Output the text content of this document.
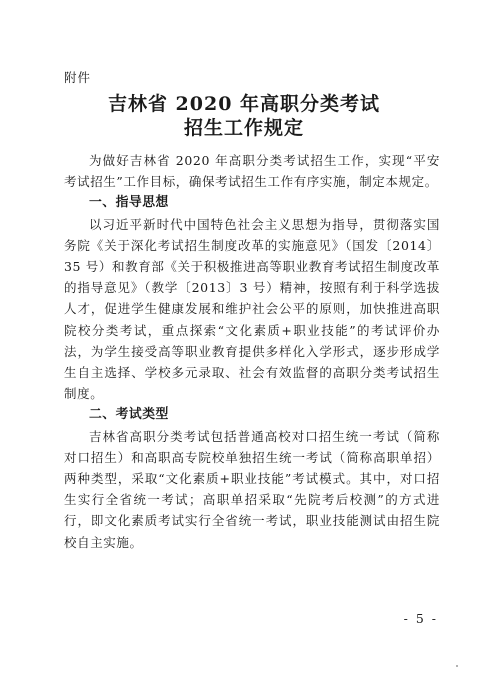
附件
吉林省 2020 年高职分类考试
招生工作规定

为做好吉林省 2020 年高职分类考试招生工作，实现“平安考试招生”工作目标，确保考试招生工作有序实施，制定本规定。

一、指导思想

以习近平新时代中国特色社会主义思想为指导，贯彻落实国务院《关于深化考试招生制度改革的实施意见》（国发〔2014〕35 号）和教育部《关于积极推进高等职业教育考试招生制度改革的指导意见》（教学〔2013〕3 号）精神，按照有利于科学选拔人才，促进学生健康发展和维护社会公平的原则，加快推进高职院校分类考试，重点探索“文化素质+职业技能”的考试评价办法，为学生接受高等职业教育提供多样化入学形式，逐步形成学生自主选择、学校多元录取、社会有效监督的高职分类考试招生制度。

二、考试类型

吉林省高职分类考试包括普通高校对口招生统一考试（简称对口招生）和高职高专院校单独招生统一考试（简称高职单招）两种类型，采取“文化素质+职业技能”考试模式。其中，对口招生实行全省统一考试；高职单招采取“先院考后校测”的方式进行，即文化素质考试实行全省统一考试，职业技能测试由招生院校自主实施。

- 5 -
